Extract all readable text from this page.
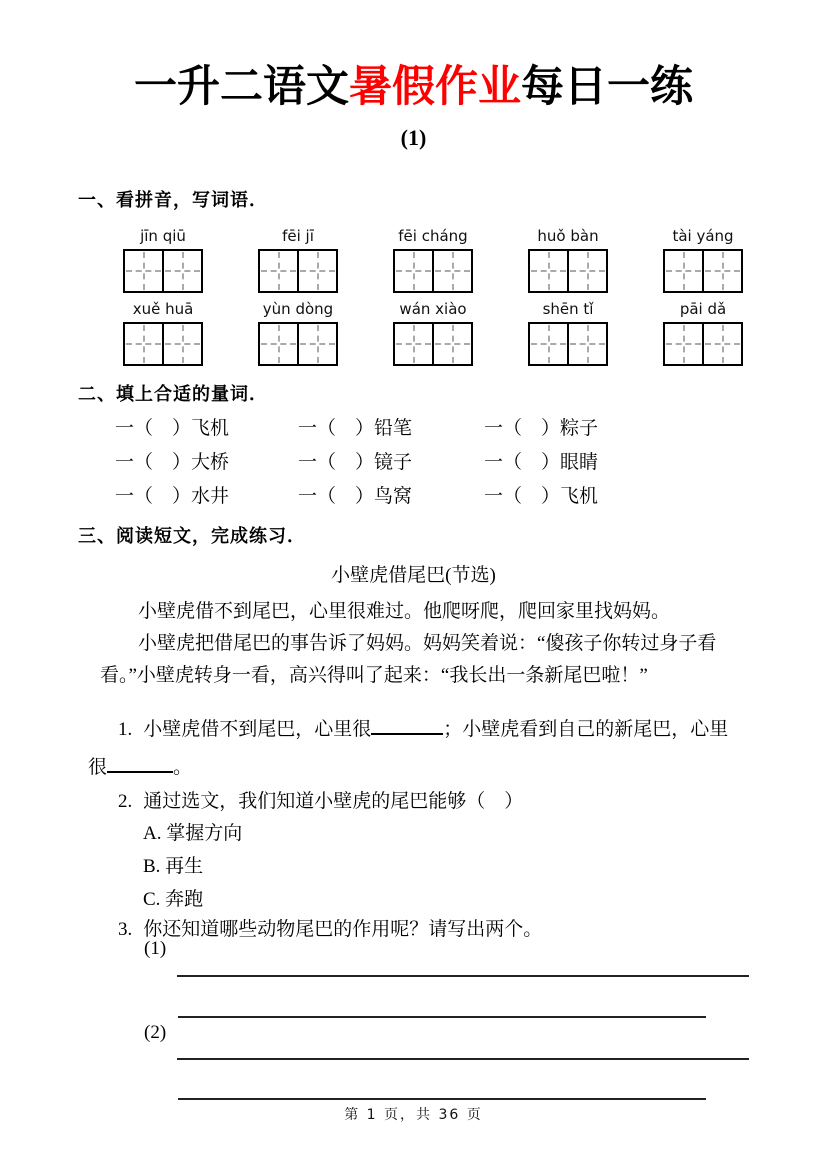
一升二语文暑假作业每日一练
(1)
一、看拼音，写词语．
jīn qiū	fēi jī	fēi cháng	huǒ bàn	tài yáng
xuě huā	yùn dòng	wán xiào	shēn tǐ	pāi dǎ
二、填上合适的量词．
一（　）飞机	一（　）铅笔	一（　）粽子
一（　）大桥	一（　）镜子	一（　）眼睛
一（　）水井	一（　）鸟窝	一（　）飞机
三、阅读短文，完成练习．
小壁虎借尾巴(节选)

小壁虎借不到尾巴，心里很难过。他爬呀爬，爬回家里找妈妈。

小壁虎把借尾巴的事告诉了妈妈。妈妈笑着说：“傻孩子你转过身子看看。”小壁虎转身一看，高兴得叫了起来：“我长出一条新尾巴啦！”

1. 小壁虎借不到尾巴，心里很	；小壁虎看到自己的新尾巴，心里
很	。
2. 通过选文，我们知道小壁虎的尾巴能够（　）
A. 掌握方向
B. 再生
C. 奔跑
3. 你还知道哪些动物尾巴的作用呢？请写出两个。
(1)
(2)
第 1 页，共 36 页
